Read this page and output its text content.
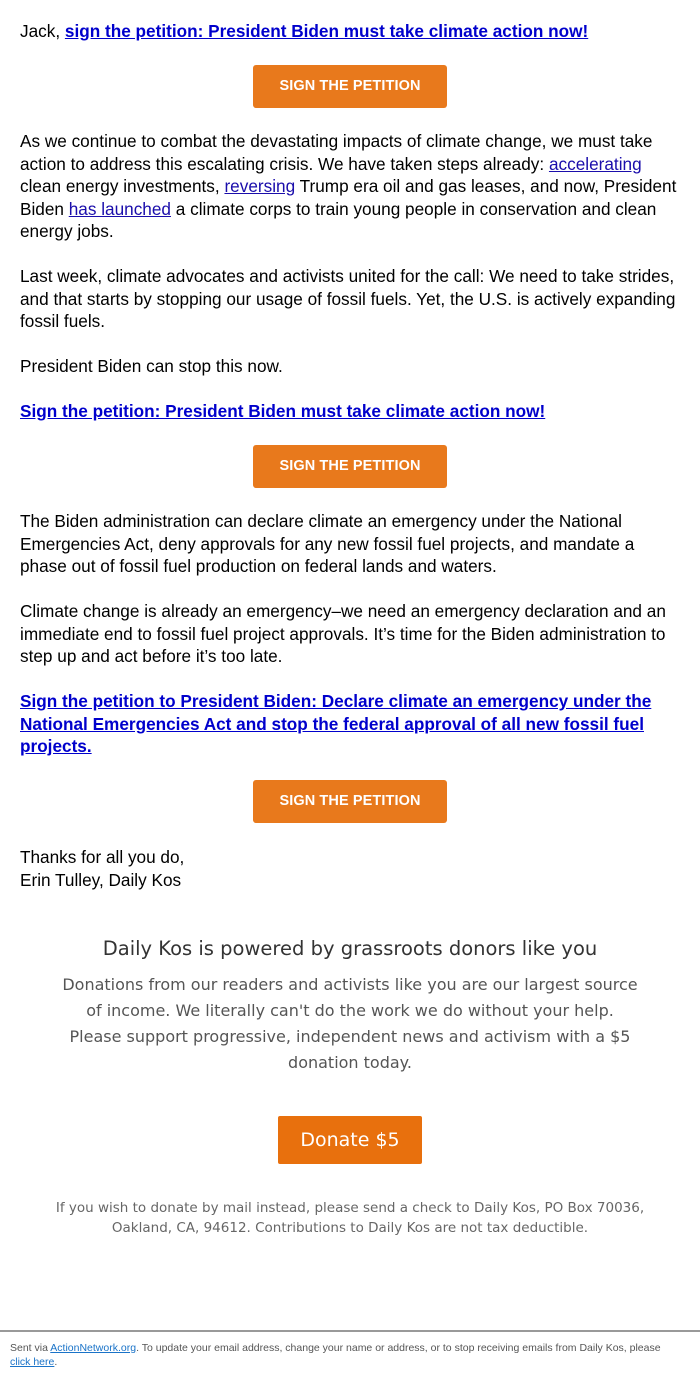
Jack, sign the petition: President Biden must take climate action now!

SIGN THE PETITION

As we continue to combat the devastating impacts of climate change, we must take action to address this escalating crisis. We have taken steps already: accelerating clean energy investments, reversing Trump era oil and gas leases, and now, President Biden has launched a climate corps to train young people in conservation and clean energy jobs.

Last week, climate advocates and activists united for the call: We need to take strides, and that starts by stopping our usage of fossil fuels. Yet, the U.S. is actively expanding fossil fuels.

President Biden can stop this now.

Sign the petition: President Biden must take climate action now!

SIGN THE PETITION

The Biden administration can declare climate an emergency under the National Emergencies Act, deny approvals for any new fossil fuel projects, and mandate a phase out of fossil fuel production on federal lands and waters.

Climate change is already an emergency–we need an emergency declaration and an immediate end to fossil fuel project approvals. It’s time for the Biden administration to step up and act before it’s too late.

Sign the petition to President Biden: Declare climate an emergency under the National Emergencies Act and stop the federal approval of all new fossil fuel projects.

SIGN THE PETITION

Thanks for all you do,
Erin Tulley, Daily Kos

Daily Kos is powered by grassroots donors like you
Donations from our readers and activists like you are our largest source of income. We literally can't do the work we do without your help. Please support progressive, independent news and activism with a $5 donation today.
Donate $5
If you wish to donate by mail instead, please send a check to Daily Kos, PO Box 70036, Oakland, CA, 94612. Contributions to Daily Kos are not tax deductible.
Sent via ActionNetwork.org. To update your email address, change your name or address, or to stop receiving emails from Daily Kos, please click here.
